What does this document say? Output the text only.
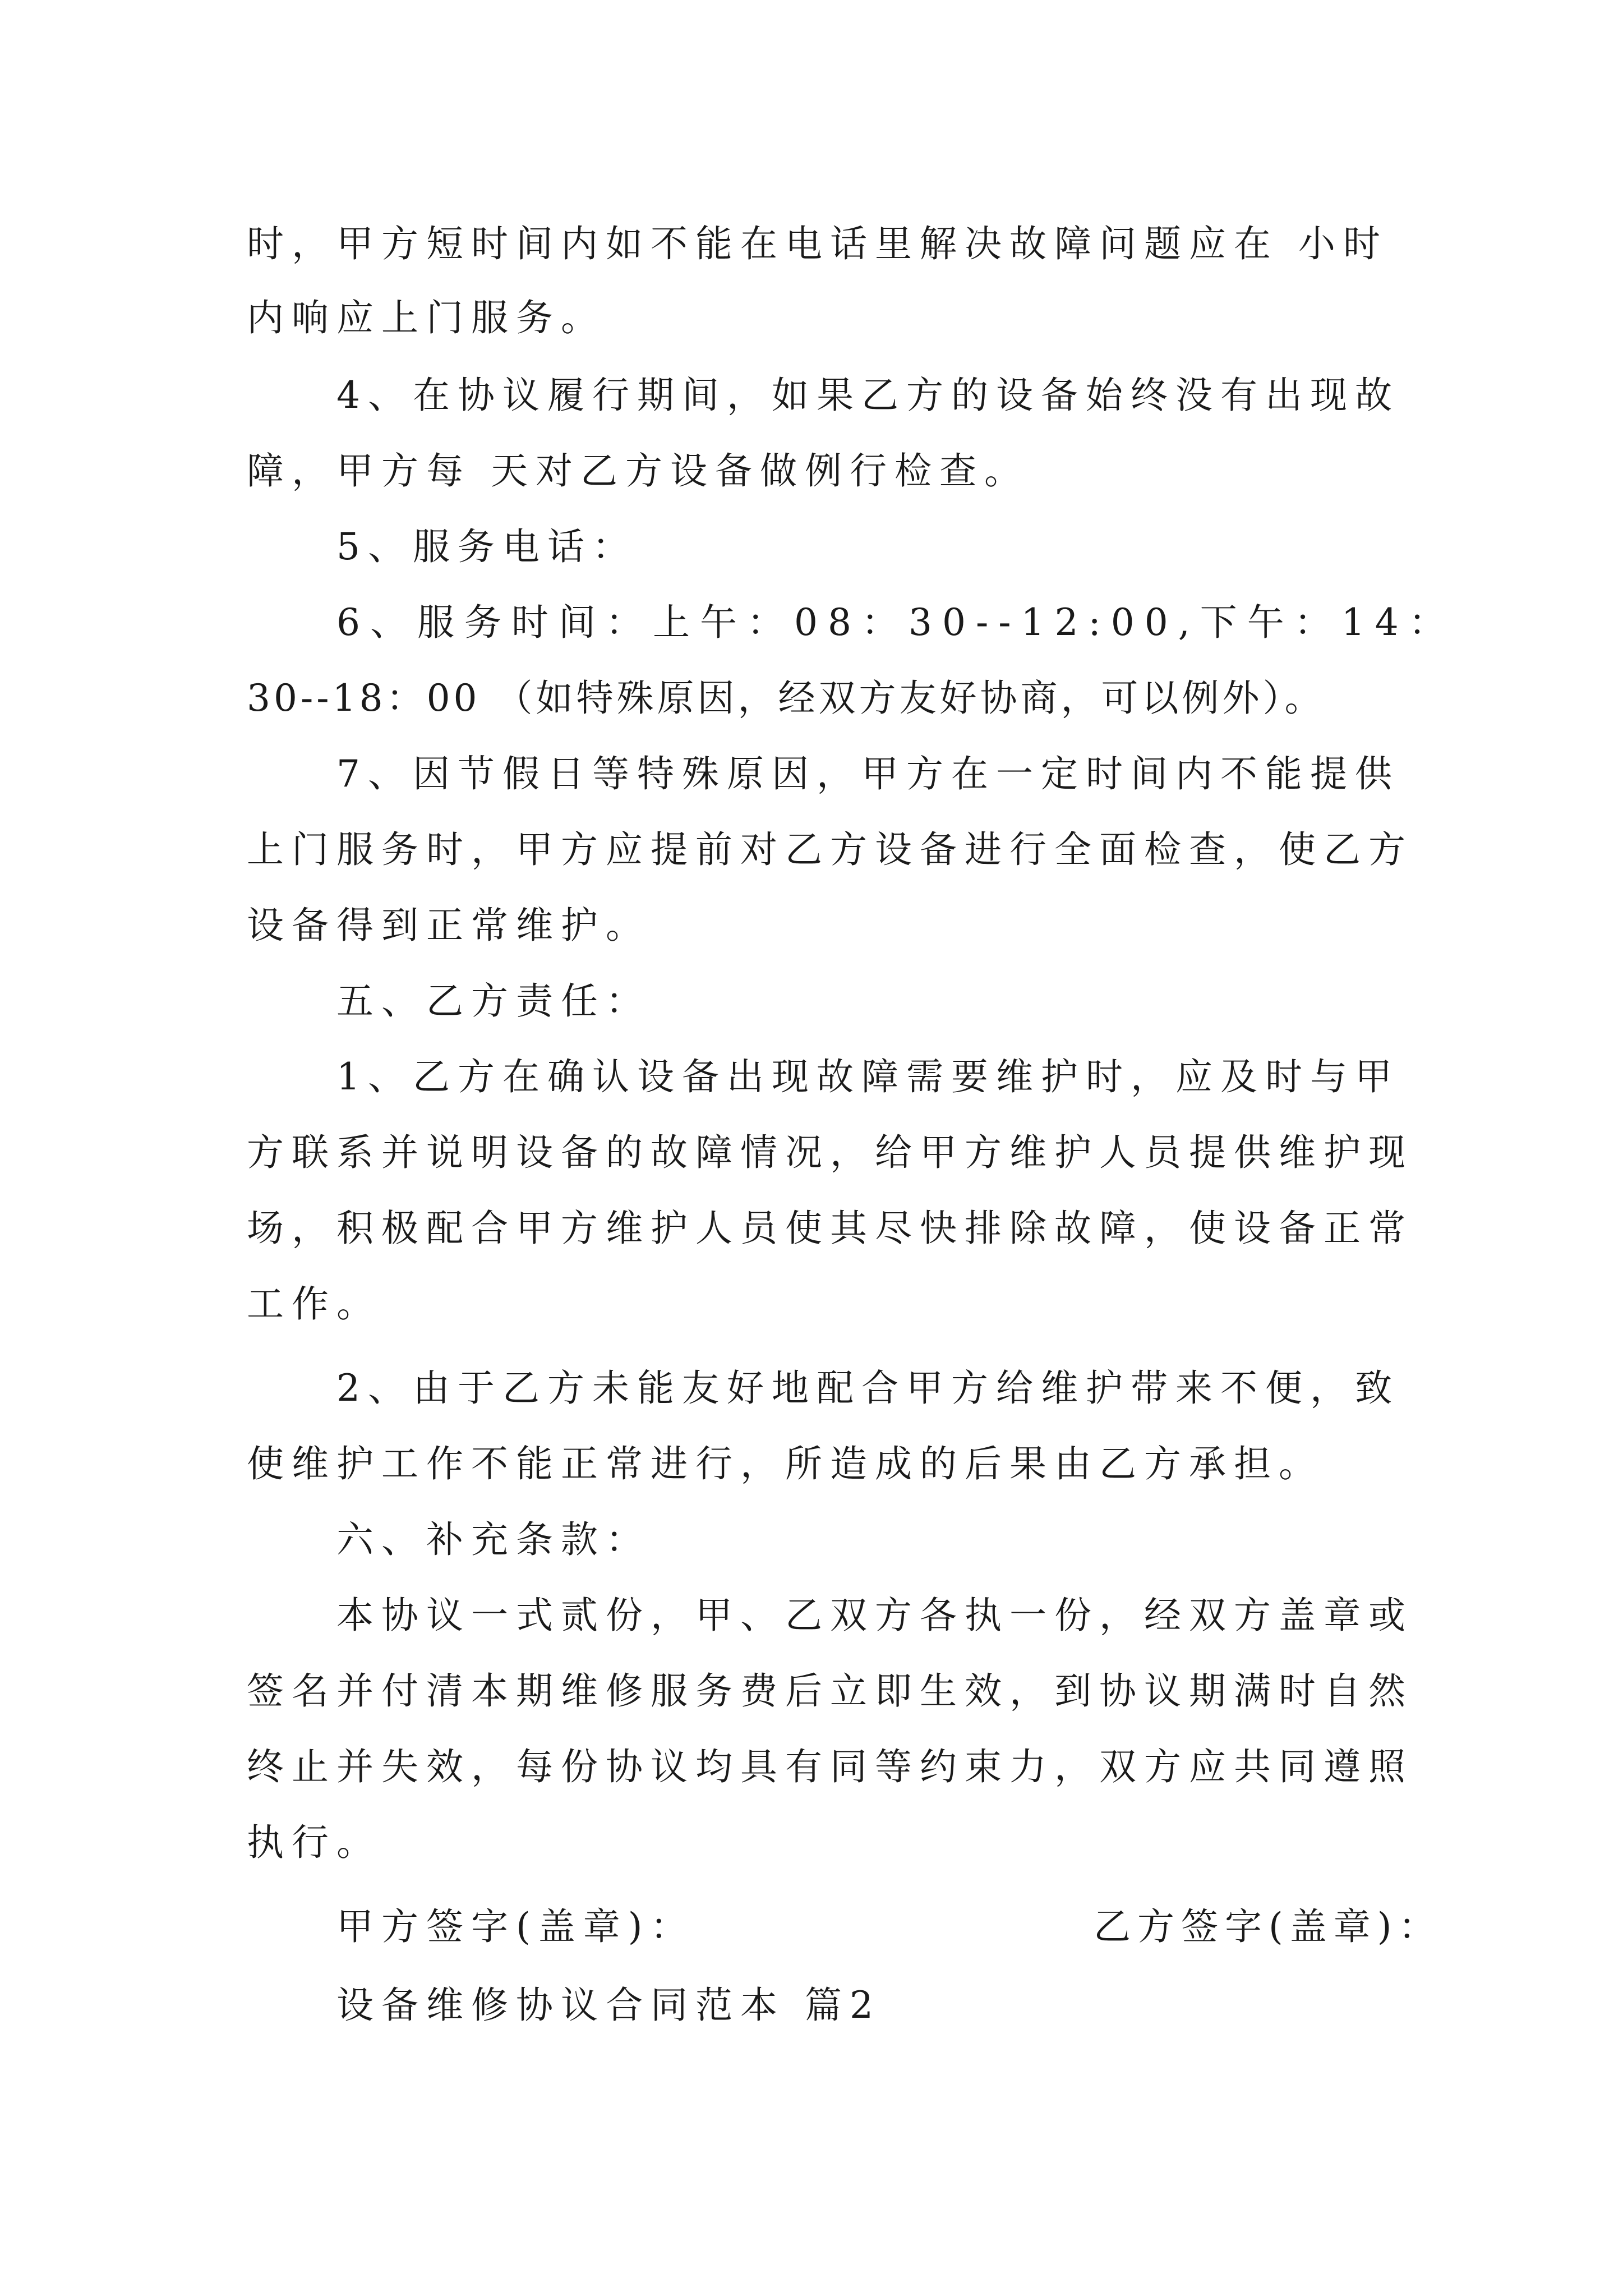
时，甲方短时间内如不能在电话里解决故障问题应在 小时
内响应上门服务。
4、在协议履行期间，如果乙方的设备始终没有出现故
障，甲方每 天对乙方设备做例行检查。
5、服务电话：
6、服务时间：上午：08：30--12:00,下午：14：
30--18：00 （如特殊原因，经双方友好协商，可以例外）。
7、因节假日等特殊原因，甲方在一定时间内不能提供
上门服务时，甲方应提前对乙方设备进行全面检查，使乙方
设备得到正常维护。
五、乙方责任：
1、乙方在确认设备出现故障需要维护时，应及时与甲
方联系并说明设备的故障情况，给甲方维护人员提供维护现
场，积极配合甲方维护人员使其尽快排除故障，使设备正常
工作。
2、由于乙方未能友好地配合甲方给维护带来不便，致
使维护工作不能正常进行，所造成的后果由乙方承担。
六、补充条款：
本协议一式贰份，甲、乙双方各执一份，经双方盖章或
签名并付清本期维修服务费后立即生效，到协议期满时自然
终止并失效，每份协议均具有同等约束力，双方应共同遵照
执行。
甲方签字(盖章)：	乙方签字(盖章)：
设备维修协议合同范本 篇2
